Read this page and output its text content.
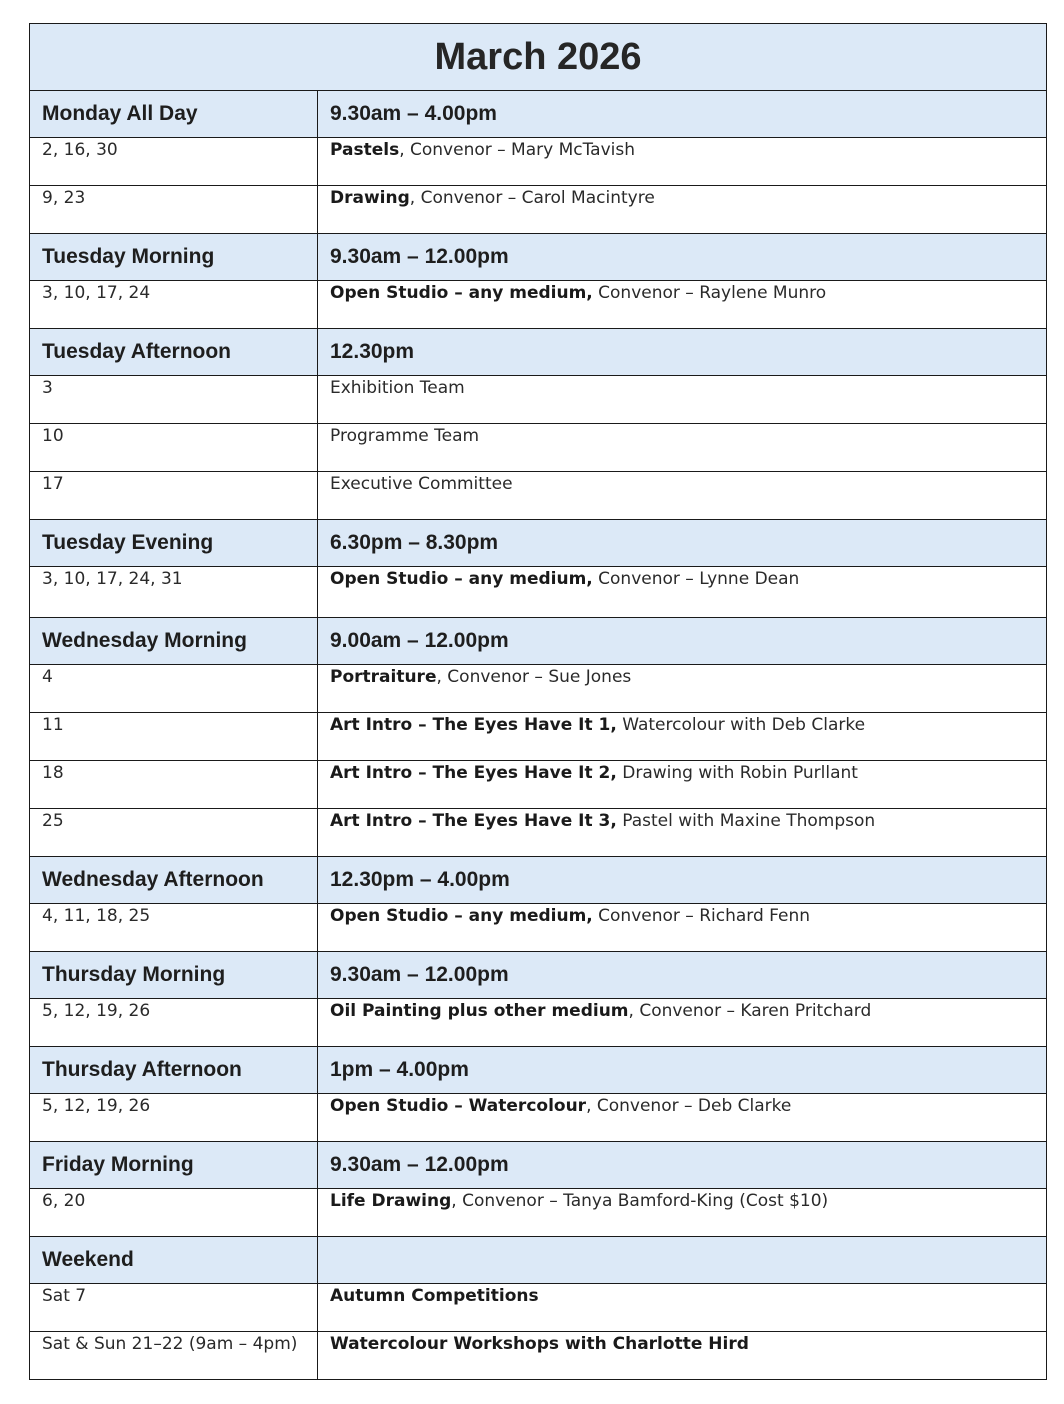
March 2026	
Monday All Day	9.30am – 4.00pm
2, 16, 30	Pastels, Convenor – Mary McTavish
9, 23	Drawing, Convenor – Carol Macintyre
Tuesday Morning	9.30am – 12.00pm
3, 10, 17, 24	Open Studio – any medium, Convenor – Raylene Munro
Tuesday Afternoon	12.30pm
3	Exhibition Team
10	Programme Team
17	Executive Committee
Tuesday Evening	6.30pm – 8.30pm
3, 10, 17, 24, 31	Open Studio – any medium, Convenor – Lynne Dean
Wednesday Morning	9.00am – 12.00pm
4	Portraiture, Convenor – Sue Jones
11	Art Intro – The Eyes Have It 1, Watercolour with Deb Clarke
18	Art Intro – The Eyes Have It 2, Drawing with Robin Purllant
25	Art Intro – The Eyes Have It 3, Pastel with Maxine Thompson
Wednesday Afternoon	12.30pm – 4.00pm
4, 11, 18, 25	Open Studio – any medium, Convenor – Richard Fenn
Thursday Morning	9.30am – 12.00pm
5, 12, 19, 26	Oil Painting plus other medium, Convenor – Karen Pritchard
Thursday Afternoon	1pm – 4.00pm
5, 12, 19, 26	Open Studio – Watercolour, Convenor – Deb Clarke
Friday Morning	9.30am – 12.00pm
6, 20	Life Drawing, Convenor – Tanya Bamford-King (Cost $10)
Weekend	
Sat 7	Autumn Competitions
Sat & Sun 21–22 (9am – 4pm)	Watercolour Workshops with Charlotte Hird
